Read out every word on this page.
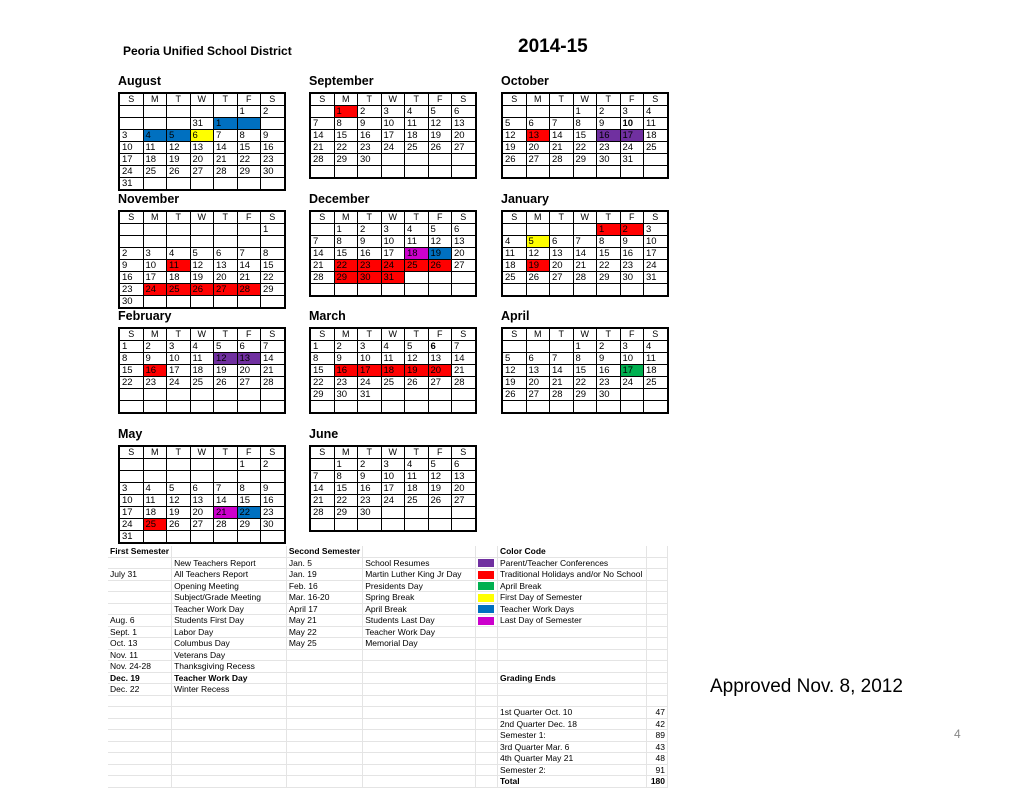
Peoria Unified School District	2014-15
August
S	M	T	W	T	F	S
					1	2
			31	1		
3	4	5	6	7	8	9
10	11	12	13	14	15	16
17	18	19	20	21	22	23
24	25	26	27	28	29	30
31						
September
S	M	T	W	T	F	S
	1	2	3	4	5	6
7	8	9	10	11	12	13
14	15	16	17	18	19	20
21	22	23	24	25	26	27
28	29	30				

October
S	M	T	W	T	F	S
			1	2	3	4
5	6	7	8	9	10	11
12	13	14	15	16	17	18
19	20	21	22	23	24	25
26	27	28	29	30	31	

November
S	M	T	W	T	F	S
						1

2	3	4	5	6	7	8
9	10	11	12	13	14	15
16	17	18	19	20	21	22
23	24	25	26	27	28	29
30						
December
S	M	T	W	T	F	S
	1	2	3	4	5	6
7	8	9	10	11	12	13
14	15	16	17	18	19	20
21	22	23	24	25	26	27
28	29	30	31			

January
S	M	T	W	T	F	S
				1	2	3
4	5	6	7	8	9	10
11	12	13	14	15	16	17
18	19	20	21	22	23	24
25	26	27	28	29	30	31

February
S	M	T	W	T	F	S
1	2	3	4	5	6	7
8	9	10	11	12	13	14
15	16	17	18	19	20	21
22	23	24	25	26	27	28

March
S	M	T	W	T	F	S
1	2	3	4	5	6	7
8	9	10	11	12	13	14
15	16	17	18	19	20	21
22	23	24	25	26	27	28
29	30	31				

April
S	M	T	W	T	F	S
			1	2	3	4
5	6	7	8	9	10	11
12	13	14	15	16	17	18
19	20	21	22	23	24	25
26	27	28	29	30		

May
S	M	T	W	T	F	S
					1	2

3	4	5	6	7	8	9
10	11	12	13	14	15	16
17	18	19	20	21	22	23
24	25	26	27	28	29	30
31						
June
S	M	T	W	T	F	S
	1	2	3	4	5	6
7	8	9	10	11	12	13
14	15	16	17	18	19	20
21	22	23	24	25	26	27
28	29	30				

First Semester		Second Semester			Color Code	
	New Teachers Report	Jan. 5	School Resumes		Parent/Teacher Conferences	
July 31	All Teachers Report	Jan. 19	Martin Luther King Jr Day		Traditional Holidays and/or No School	
	Opening Meeting	Feb. 16	Presidents Day		April Break	
	Subject/Grade Meeting	Mar. 16-20	Spring Break		First Day of Semester	
	Teacher Work Day	April 17	April Break		Teacher Work Days	
Aug. 6	Students First Day	May 21	Students Last Day		Last Day of Semester	
Sept. 1	Labor Day	May 22	Teacher Work Day			
Oct. 13	Columbus Day	May 25	Memorial Day			
Nov. 11	Veterans Day					
Nov. 24-28	Thanksgiving Recess					
Dec. 19	Teacher Work Day				Grading Ends	
Dec. 22	Winter Recess					

					1st Quarter Oct. 10	47
					2nd Quarter Dec. 18	42
					Semester 1:	89
					3rd Quarter Mar. 6	43
					4th Quarter May 21	48
					Semester 2:	91
					Total	180
Approved Nov. 8, 2012
4
